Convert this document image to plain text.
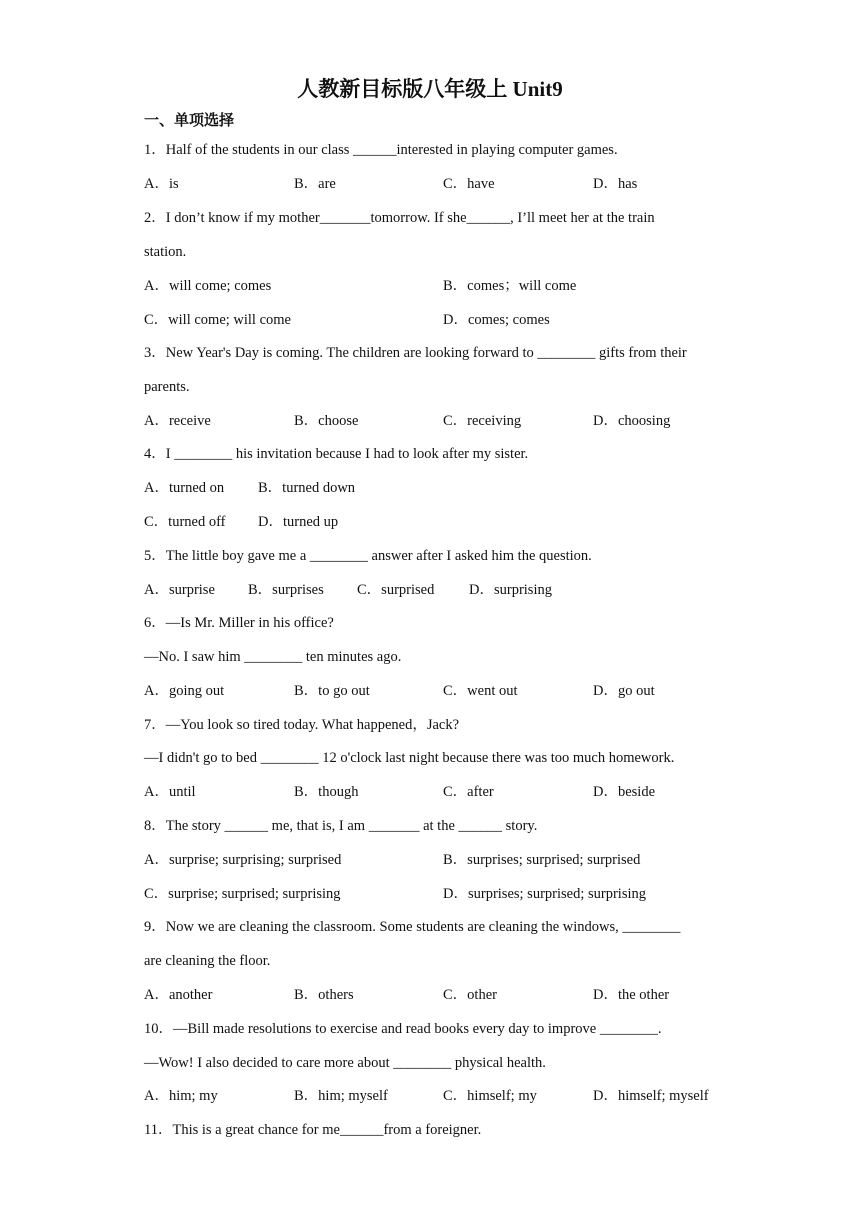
人教新目标版八年级上 Unit9
一、单项选择
1．Half of the students in our class ______interested in playing computer games.
A．is	B．are	C．have	D．has
2．I don’t know if my mother_______tomorrow. If she______, I’ll meet her at the train
station.
A．will come; comes	B．comes；will come
C．will come; will come	D．comes; comes
3．New Year's Day is coming. The children are looking forward to ________ gifts from their
parents.
A．receive	B．choose	C．receiving	D．choosing
4．I ________ his invitation because I had to look after my sister.
A．turned on B．turned down
C．turned off D．turned up
5．The little boy gave me a ________ answer after I asked him the question.
A．surprise B．surprises C．surprised D．surprising
6．—Is Mr. Miller in his office?
—No. I saw him ________ ten minutes ago.
A．going out	B．to go out	C．went out	D．go out
7．—You look so tired today. What happened，Jack?
—I didn't go to bed ________ 12 o'clock last night because there was too much homework.
A．until	B．though	C．after	D．beside
8．The story ______ me, that is, I am _______ at the ______ story.
A．surprise; surprising; surprised	B．surprises; surprised; surprised
C．surprise; surprised; surprising	D．surprises; surprised; surprising
9．Now we are cleaning the classroom. Some students are cleaning the windows, ________
are cleaning the floor.
A．another	B．others	C．other	D．the other
10．—Bill made resolutions to exercise and read books every day to improve ________.
—Wow! I also decided to care more about ________ physical health.
A．him; my	B．him; myself	C．himself; my	D．himself; myself
11．This is a great chance for me______from a foreigner.
